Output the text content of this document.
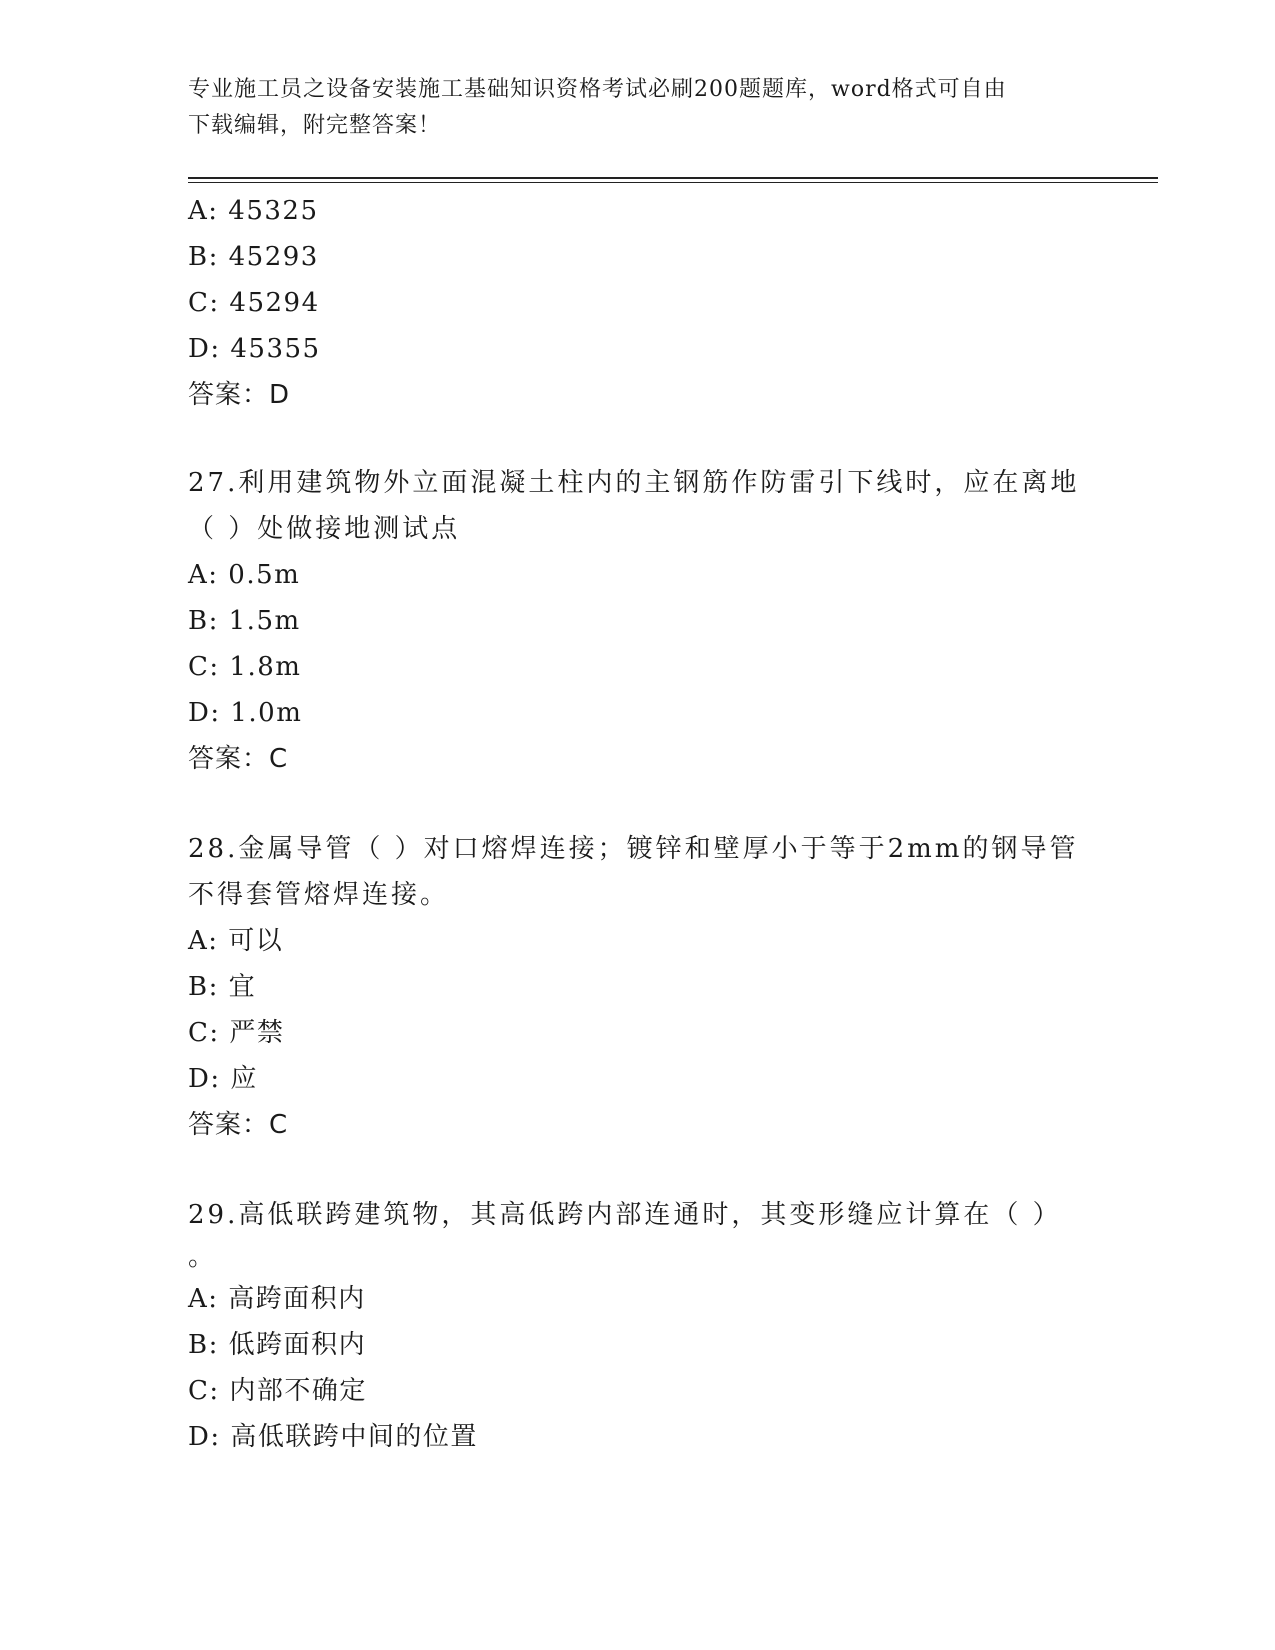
专业施工员之设备安装施工基础知识资格考试必刷200题题库，word格式可自由
下载编辑，附完整答案！
A: 45325
B: 45293
C: 45294
D: 45355
答案：D
27.利用建筑物外立面混凝土柱内的主钢筋作防雷引下线时，应在离地
（ ）处做接地测试点
A: 0.5m
B: 1.5m
C: 1.8m
D: 1.0m
答案：C
28.金属导管（ ）对口熔焊连接；镀锌和壁厚小于等于2mm的钢导管
不得套管熔焊连接。
A: 可以
B: 宜
C: 严禁
D: 应
答案：C
29.高低联跨建筑物，其高低跨内部连通时，其变形缝应计算在（ ）
。
A: 高跨面积内
B: 低跨面积内
C: 内部不确定
D: 高低联跨中间的位置
